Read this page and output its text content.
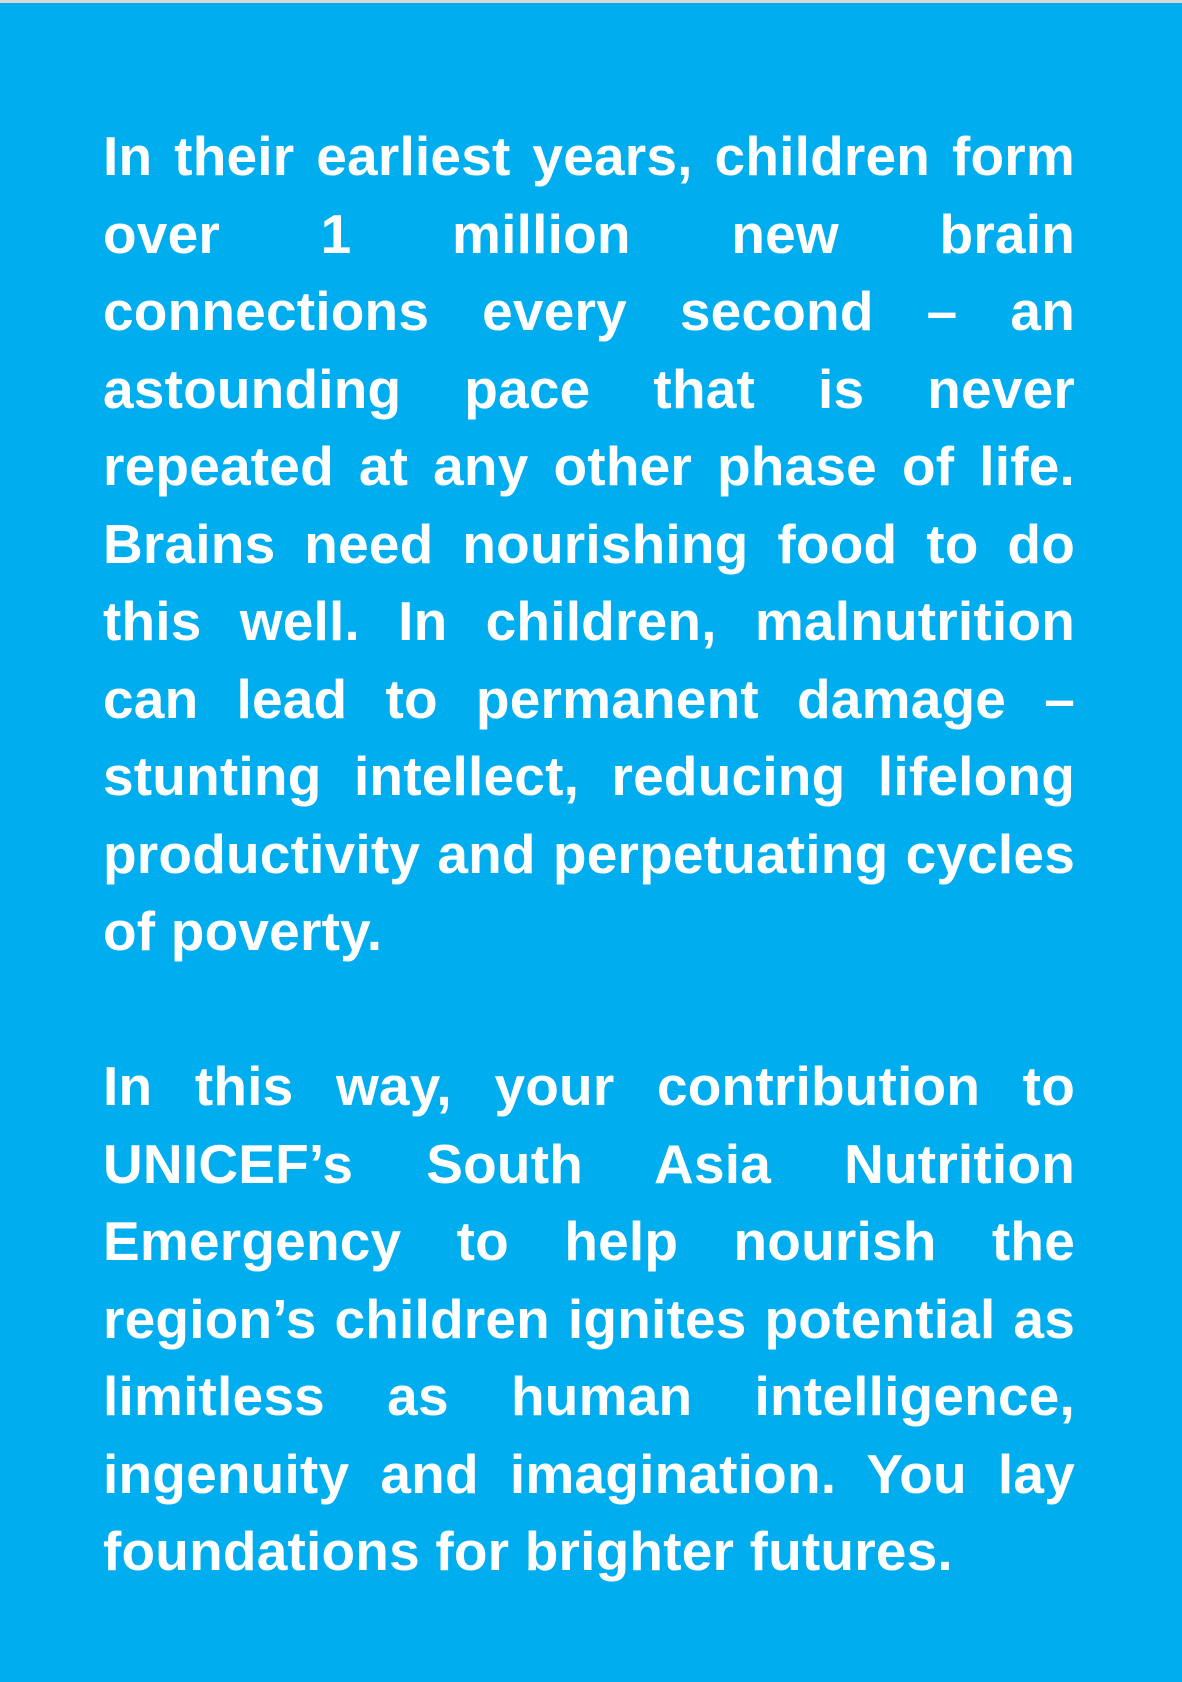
In their earliest years, children form over 1 million new brain connections every second – an astounding pace that is never repeated at any other phase of life. Brains need nourishing food to do this well. In children, malnutrition can lead to permanent damage – stunting intellect, reducing lifelong productivity and perpetuating cycles of poverty.

In this way, your contribution to UNICEF’s South Asia Nutrition Emergency to help nourish the region’s children ignites potential as limitless as human intelligence, ingenuity and imagination. You lay foundations for brighter futures.
